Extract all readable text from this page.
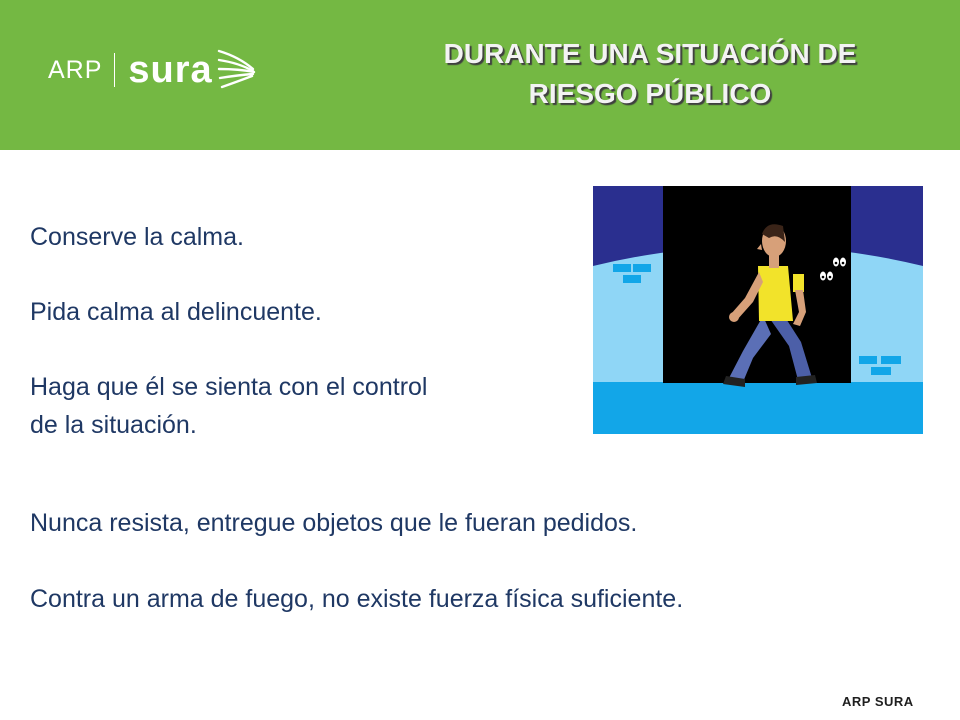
ARP sura	DURANTE UNA SITUACIÓN DE
RIESGO PÚBLICO
Conserve la calma.
Pida calma al delincuente.
Haga que él se sienta con el control
de la situación.
Nunca resista, entregue objetos que le fueran pedidos.
Contra un arma de fuego, no existe fuerza física suficiente.
ARP SURA
